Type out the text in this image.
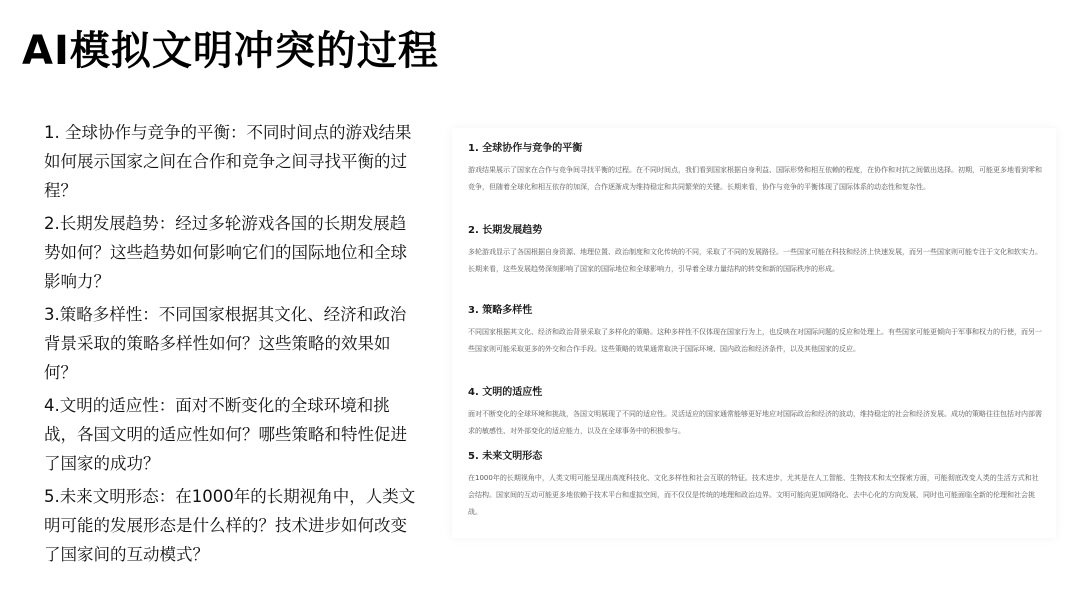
AI模拟文明冲突的过程
1. 全球协作与竞争的平衡：不同时间点的游戏结果如何展示国家之间在合作和竞争之间寻找平衡的过程？
2.长期发展趋势：经过多轮游戏各国的长期发展趋势如何？这些趋势如何影响它们的国际地位和全球影响力？
3.策略多样性：不同国家根据其文化、经济和政治背景采取的策略多样性如何？这些策略的效果如何？
4.文明的适应性：面对不断变化的全球环境和挑战，各国文明的适应性如何？哪些策略和特性促进了国家的成功？
5.未来文明形态：在1000年的长期视角中，人类文明可能的发展形态是什么样的？技术进步如何改变了国家间的互动模式？
1. 全球协作与竞争的平衡

游戏结果展示了国家在合作与竞争间寻找平衡的过程。在不同时间点，我们看到国家根据自身利益、国际形势和相互依赖的程度，在协作和对抗之间做出选择。初期，可能更多地看到零和竞争，但随着全球化和相互依存的加深，合作逐渐成为维持稳定和共同繁荣的关键。长期来看，协作与竞争的平衡体现了国际体系的动态性和复杂性。

2. 长期发展趋势

多轮游戏显示了各国根据自身资源、地理位置、政治制度和文化传统的不同，采取了不同的发展路径。一些国家可能在科技和经济上快速发展，而另一些国家则可能专注于文化和软实力。长期来看，这些发展趋势深刻影响了国家的国际地位和全球影响力，引导着全球力量结构的转变和新的国际秩序的形成。

3. 策略多样性

不同国家根据其文化、经济和政治背景采取了多样化的策略。这种多样性不仅体现在国家行为上，也反映在对国际问题的反应和处理上。有些国家可能更倾向于军事和权力的行使，而另一些国家则可能采取更多的外交和合作手段。这些策略的效果通常取决于国际环境、国内政治和经济条件，以及其他国家的反应。

4. 文明的适应性

面对不断变化的全球环境和挑战，各国文明展现了不同的适应性。灵活适应的国家通常能够更好地应对国际政治和经济的波动，维持稳定的社会和经济发展。成功的策略往往包括对内部需求的敏感性、对外部变化的适应能力，以及在全球事务中的积极参与。

5. 未来文明形态

在1000年的长期视角中，人类文明可能呈现出高度科技化、文化多样性和社会互联的特征。技术进步，尤其是在人工智能、生物技术和太空探索方面，可能彻底改变人类的生活方式和社会结构。国家间的互动可能更多地依赖于技术平台和虚拟空间，而不仅仅是传统的地理和政治边界。文明可能向更加网络化、去中心化的方向发展，同时也可能面临全新的伦理和社会挑战。
